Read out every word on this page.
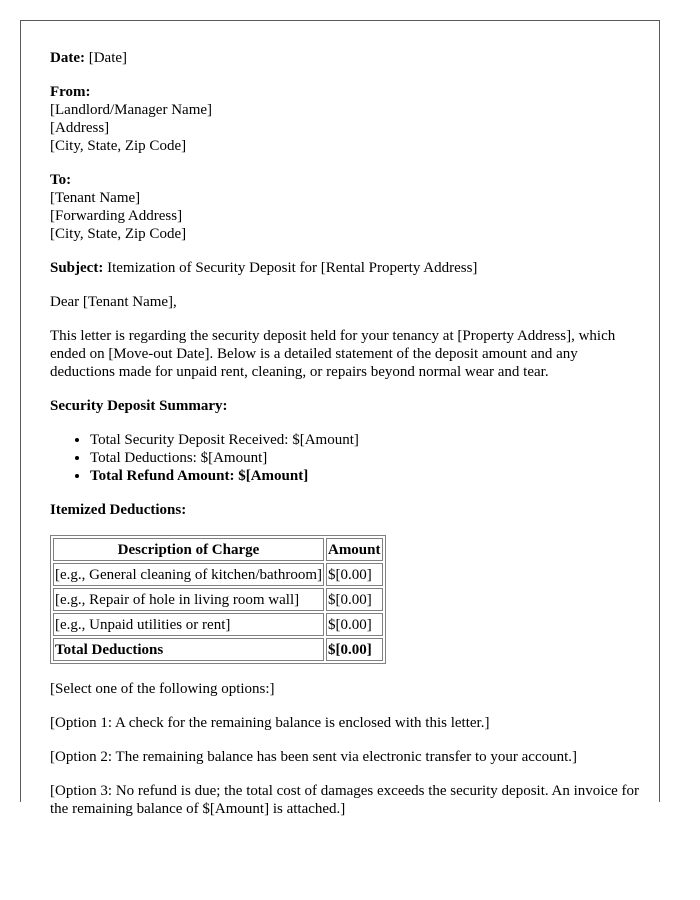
Date: [Date]

From:
[Landlord/Manager Name]
[Address]
[City, State, Zip Code]
To:
[Tenant Name]
[Forwarding Address]
[City, State, Zip Code]

Subject: Itemization of Security Deposit for [Rental Property Address]

Dear [Tenant Name],

This letter is regarding the security deposit held for your tenancy at [Property Address], which ended on [Move-out Date]. Below is a detailed statement of the deposit amount and any deductions made for unpaid rent, cleaning, or repairs beyond normal wear and tear.

Security Deposit Summary:

• Total Security Deposit Received: $[Amount]
• Total Deductions: $[Amount]
• Total Refund Amount: $[Amount]

Itemized Deductions:

Description of Charge	Amount
[e.g., General cleaning of kitchen/bathroom]	$[0.00]
[e.g., Repair of hole in living room wall]	$[0.00]
[e.g., Unpaid utilities or rent]	$[0.00]
Total Deductions	$[0.00]

[Select one of the following options:]

[Option 1: A check for the remaining balance is enclosed with this letter.]

[Option 2: The remaining balance has been sent via electronic transfer to your account.]

[Option 3: No refund is due; the total cost of damages exceeds the security deposit. An invoice for the remaining balance of $[Amount] is attached.]
